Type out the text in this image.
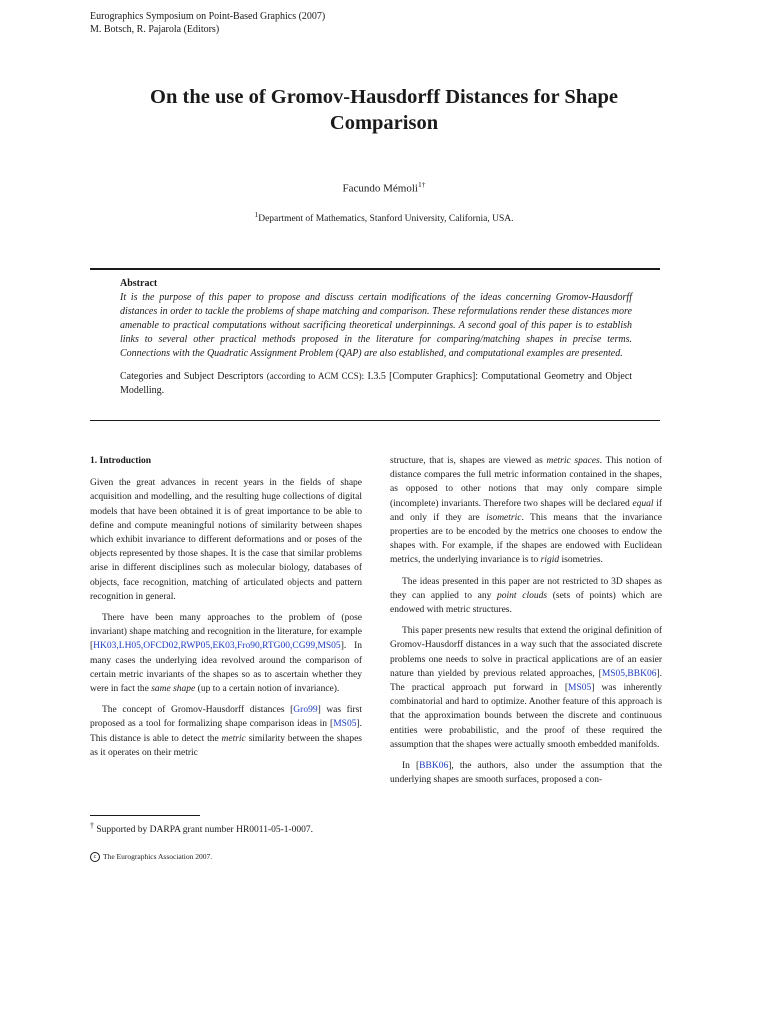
Eurographics Symposium on Point-Based Graphics (2007)
M. Botsch, R. Pajarola (Editors)
On the use of Gromov-Hausdorff Distances for Shape Comparison
Facundo Mémoli$^{1\dagger}$
$^1$Department of Mathematics, Stanford University, California, USA.
Abstract
It is the purpose of this paper to propose and discuss certain modifications of the ideas concerning Gromov-Hausdorff distances in order to tackle the problems of shape matching and comparison. These reformulations render these distances more amenable to practical computations without sacrificing theoretical underpinnings. A second goal of this paper is to establish links to several other practical methods proposed in the literature for comparing/matching shapes in precise terms. Connections with the Quadratic Assignment Problem (QAP) are also established, and computational examples are presented.
Categories and Subject Descriptors (according to ACM CCS): I.3.5 [Computer Graphics]: Computational Geometry and Object Modelling.
1. Introduction

Given the great advances in recent years in the fields of shape acquisition and modelling, and the resulting huge collections of digital models that have been obtained it is of great importance to be able to define and compute meaningful notions of similarity between shapes which exhibit invariance to different deformations and or poses of the objects represented by those shapes. It is the case that similar problems arise in different disciplines such as molecular biology, databases of objects, face recognition, matching of articulated objects and pattern recognition in general.

There have been many approaches to the problem of (pose invariant) shape matching and recognition in the literature, for example [HK03,LH05,OFCD02,RWP05,EK03,Fro90,RTG00,CG99,MS05]. In many cases the underlying idea revolved around the comparison of certain metric invariants of the shapes so as to ascertain whether they were in fact the same shape (up to a certain notion of invariance).

The concept of Gromov-Hausdorff distances [Gro99] was first proposed as a tool for formalizing shape comparison ideas in [MS05]. This distance is able to detect the metric similarity between the shapes as it operates on their metric

structure, that is, shapes are viewed as metric spaces. This notion of distance compares the full metric information contained in the shapes, as opposed to other notions that may only compare simple (incomplete) invariants. Therefore two shapes will be declared equal if and only if they are isometric. This means that the invariance properties are to be encoded by the metrics one chooses to endow the shapes with. For example, if the shapes are endowed with Euclidean metrics, the underlying invariance is to rigid isometries.

The ideas presented in this paper are not restricted to 3D shapes as they can applied to any point clouds (sets of points) which are endowed with metric structures.

This paper presents new results that extend the original definition of Gromov-Hausdorff distances in a way such that the associated discrete problems one needs to solve in practical applications are of an easier nature than yielded by previous related approaches, [MS05,BBK06]. The practical approach put forward in [MS05] was inherently combinatorial and hard to optimize. Another feature of this approach is that the approximation bounds between the discrete and continuous entities were probabilistic, and the proof of these required the assumption that the shapes were actually smooth embedded manifolds.

In [BBK06], the authors, also under the assumption that the underlying shapes are smooth surfaces, proposed a con-

† Supported by DARPA grant number HR0011-05-1-0007.
c The Eurographics Association 2007.
